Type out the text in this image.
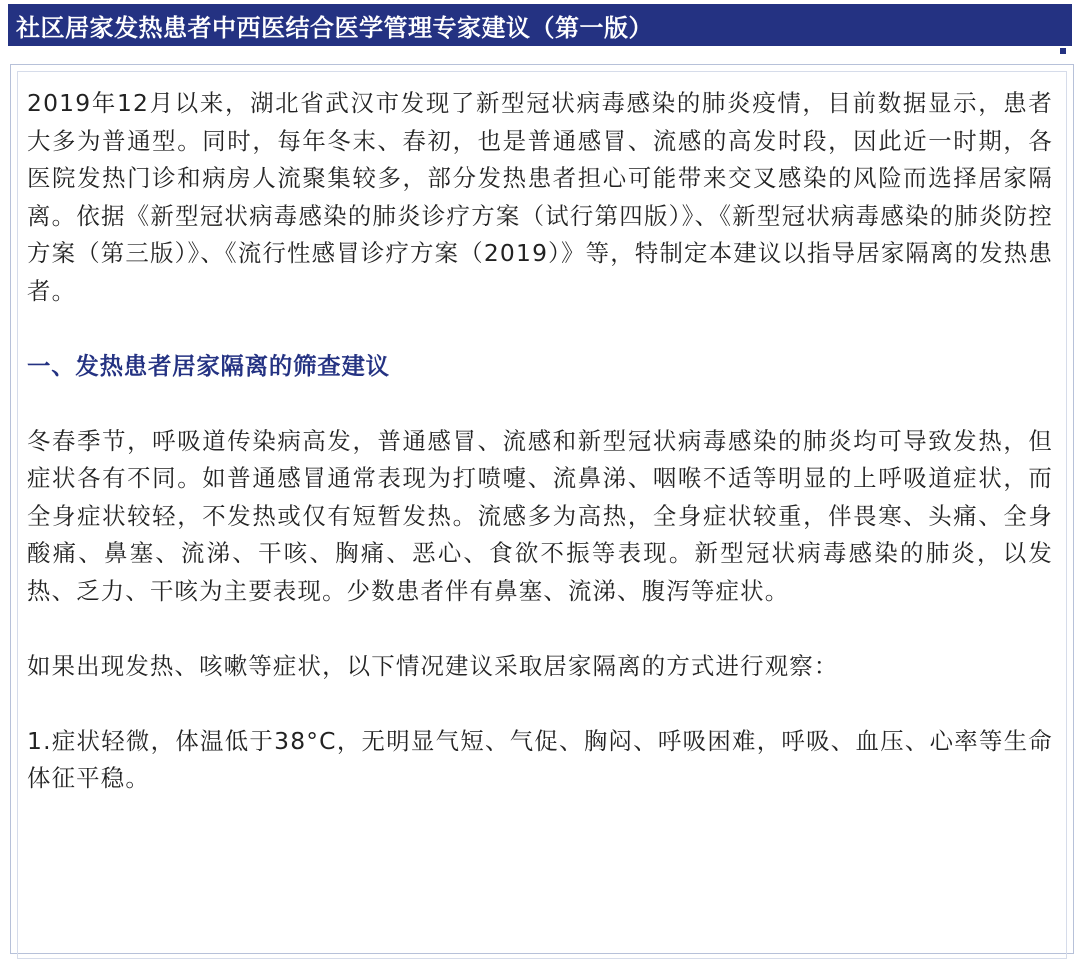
社区居家发热患者中西医结合医学管理专家建议（第一版）

2019年12月以来，湖北省武汉市发现了新型冠状病毒感染的肺炎疫情，目前数据显示，患者大多为普通型。同时，每年冬末、春初，也是普通感冒、流感的高发时段，因此近一时期，各医院发热门诊和病房人流聚集较多，部分发热患者担心可能带来交叉感染的风险而选择居家隔离。依据《新型冠状病毒感染的肺炎诊疗方案（试行第四版）》、《新型冠状病毒感染的肺炎防控方案（第三版）》、《流行性感冒诊疗方案（2019）》等，特制定本建议以指导居家隔离的发热患者。

一、发热患者居家隔离的筛查建议

冬春季节，呼吸道传染病高发，普通感冒、流感和新型冠状病毒感染的肺炎均可导致发热，但症状各有不同。如普通感冒通常表现为打喷嚏、流鼻涕、咽喉不适等明显的上呼吸道症状，而全身症状较轻，不发热或仅有短暂发热。流感多为高热，全身症状较重，伴畏寒、头痛、全身酸痛、鼻塞、流涕、干咳、胸痛、恶心、食欲不振等表现。新型冠状病毒感染的肺炎，以发热、乏力、干咳为主要表现。少数患者伴有鼻塞、流涕、腹泻等症状。

如果出现发热、咳嗽等症状，以下情况建议采取居家隔离的方式进行观察：

1.症状轻微，体温低于38°C，无明显气短、气促、胸闷、呼吸困难，呼吸、血压、心率等生命体征平稳。
